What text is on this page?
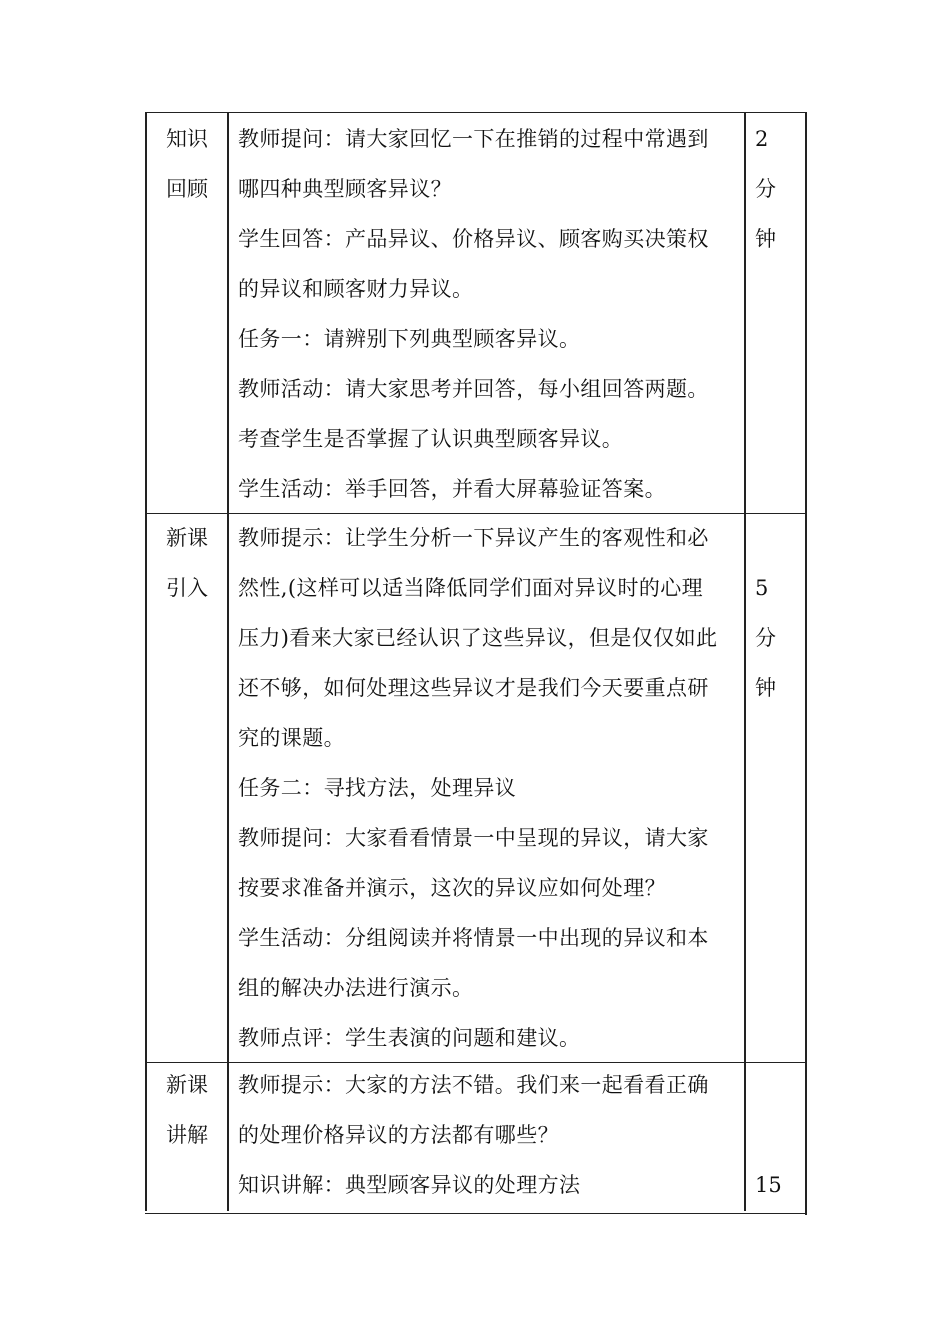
知识
回顾
教师提问：请大家回忆一下在推销的过程中常遇到
哪四种典型顾客异议？
学生回答：产品异议、价格异议、顾客购买决策权
的异议和顾客财力异议。
任务一：请辨别下列典型顾客异议。
教师活动：请大家思考并回答，每小组回答两题。
考查学生是否掌握了认识典型顾客异议。
学生活动：举手回答，并看大屏幕验证答案。
2
分
钟
新课
引入
教师提示：让学生分析一下异议产生的客观性和必
然性,(这样可以适当降低同学们面对异议时的心理
压力)看来大家已经认识了这些异议，但是仅仅如此
还不够，如何处理这些异议才是我们今天要重点研
究的课题。
任务二：寻找方法，处理异议
教师提问：大家看看情景一中呈现的异议，请大家
按要求准备并演示，这次的异议应如何处理？
学生活动：分组阅读并将情景一中出现的异议和本
组的解决办法进行演示。
教师点评：学生表演的问题和建议。
5
分
钟
新课
讲解
教师提示：大家的方法不错。我们来一起看看正确
的处理价格异议的方法都有哪些？
知识讲解：典型顾客异议的处理方法	15
